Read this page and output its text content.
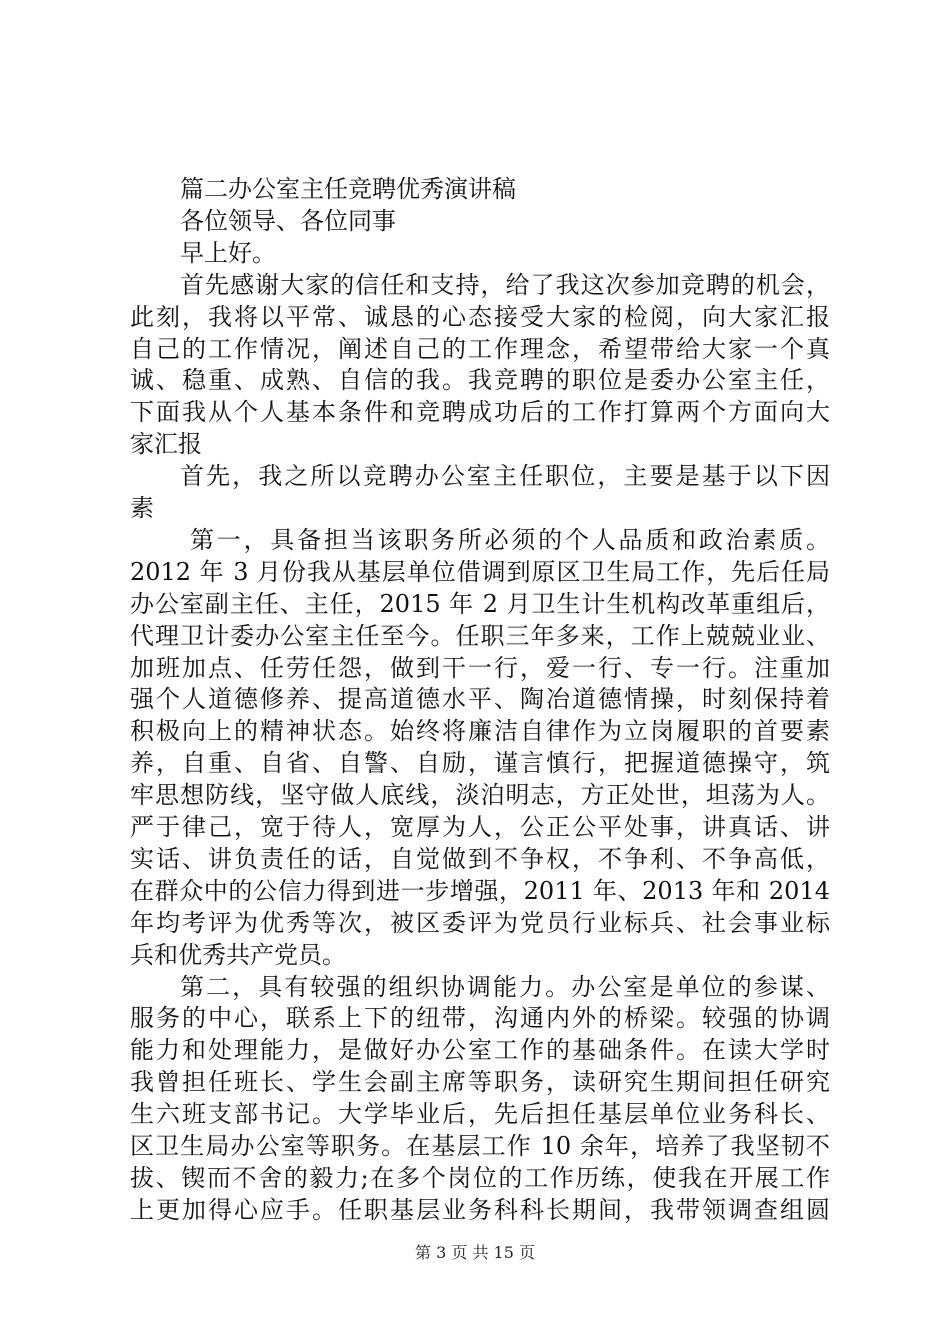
篇二办公室主任竞聘优秀演讲稿
各位领导、各位同事
早上好。
首先感谢大家的信任和支持，给了我这次参加竞聘的机会，
此刻，我将以平常、诚恳的心态接受大家的检阅，向大家汇报
自己的工作情况，阐述自己的工作理念，希望带给大家一个真
诚、稳重、成熟、自信的我。我竞聘的职位是委办公室主任，
下面我从个人基本条件和竞聘成功后的工作打算两个方面向大
家汇报
首先，我之所以竞聘办公室主任职位，主要是基于以下因
素
第一，具备担当该职务所必须的个人品质和政治素质。
2012 年 3 月份我从基层单位借调到原区卫生局工作，先后任局
办公室副主任、主任，2015 年 2 月卫生计生机构改革重组后，
代理卫计委办公室主任至今。任职三年多来，工作上兢兢业业、
加班加点、任劳任怨，做到干一行，爱一行、专一行。注重加
强个人道德修养、提高道德水平、陶冶道德情操，时刻保持着
积极向上的精神状态。始终将廉洁自律作为立岗履职的首要素
养，自重、自省、自警、自励，谨言慎行，把握道德操守，筑
牢思想防线，坚守做人底线，淡泊明志，方正处世，坦荡为人。
严于律己，宽于待人，宽厚为人，公正公平处事，讲真话、讲
实话、讲负责任的话，自觉做到不争权，不争利、不争高低，
在群众中的公信力得到进一步增强，2011 年、2013 年和 2014
年均考评为优秀等次，被区委评为党员行业标兵、社会事业标
兵和优秀共产党员。
第二，具有较强的组织协调能力。办公室是单位的参谋、
服务的中心，联系上下的纽带，沟通内外的桥梁。较强的协调
能力和处理能力，是做好办公室工作的基础条件。在读大学时
我曾担任班长、学生会副主席等职务，读研究生期间担任研究
生六班支部书记。大学毕业后，先后担任基层单位业务科长、
区卫生局办公室等职务。在基层工作 10 余年，培养了我坚韧不
拔、锲而不舍的毅力;在多个岗位的工作历练，使我在开展工作
上更加得心应手。任职基层业务科科长期间，我带领调查组圆
第 3 页 共 15 页
